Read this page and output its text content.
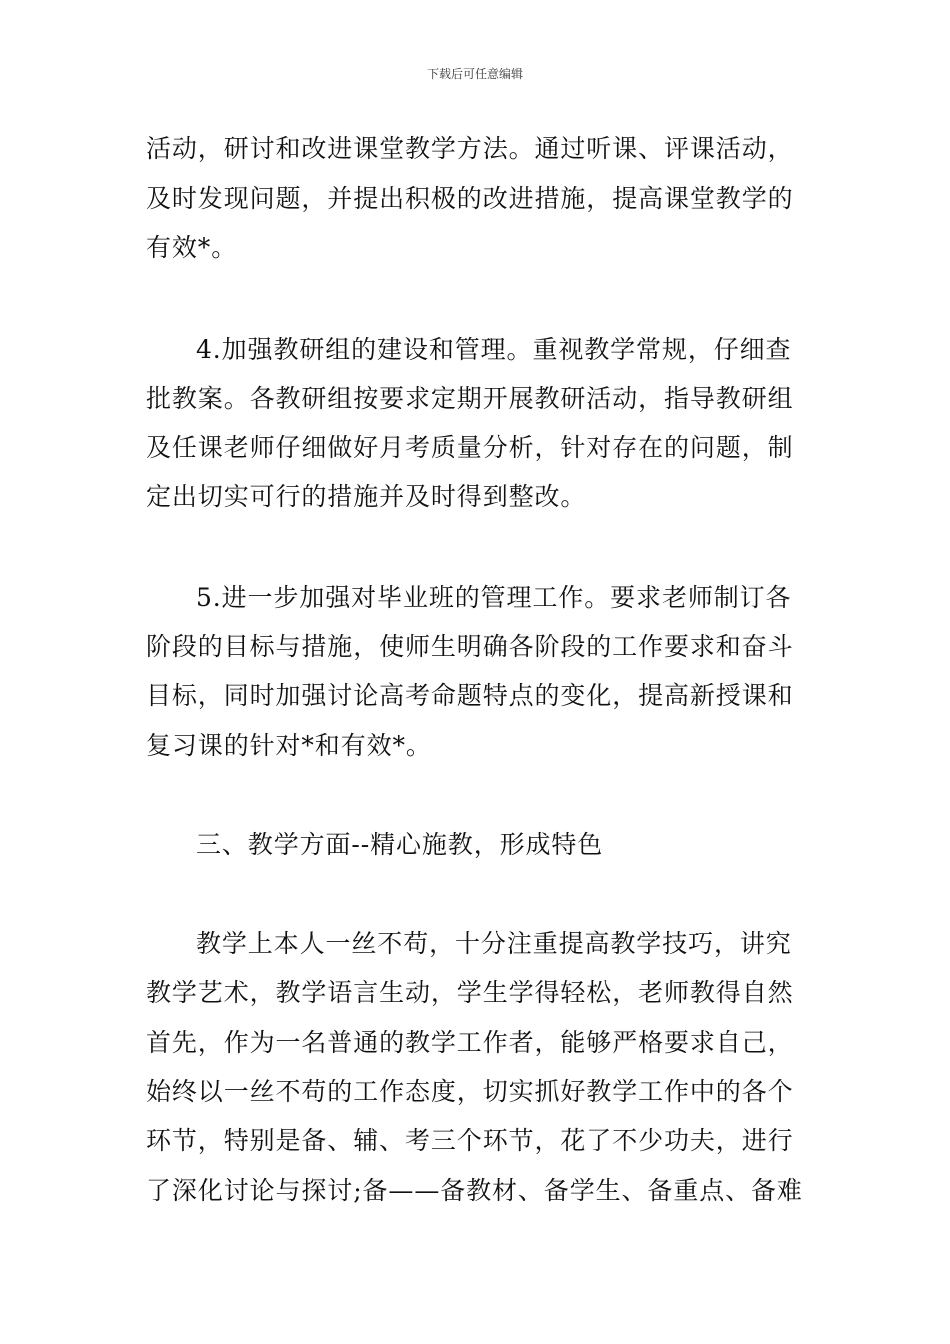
下载后可任意编辑
活动，研讨和改进课堂教学方法。通过听课、评课活动，
及时发现问题，并提出积极的改进措施，提高课堂教学的
有效*。
4.加强教研组的建设和管理。重视教学常规，仔细查
批教案。各教研组按要求定期开展教研活动，指导教研组
及任课老师仔细做好月考质量分析，针对存在的问题，制
定出切实可行的措施并及时得到整改。
5.进一步加强对毕业班的管理工作。要求老师制订各
阶段的目标与措施，使师生明确各阶段的工作要求和奋斗
目标，同时加强讨论高考命题特点的变化，提高新授课和
复习课的针对*和有效*。
三、教学方面--精心施教，形成特色
教学上本人一丝不苟，十分注重提高教学技巧，讲究
教学艺术，教学语言生动，学生学得轻松，老师教得自然
首先，作为一名普通的教学工作者，能够严格要求自己，
始终以一丝不苟的工作态度，切实抓好教学工作中的各个
环节，特别是备、辅、考三个环节，花了不少功夫，进行
了深化讨论与探讨;备——备教材、备学生、备重点、备难
